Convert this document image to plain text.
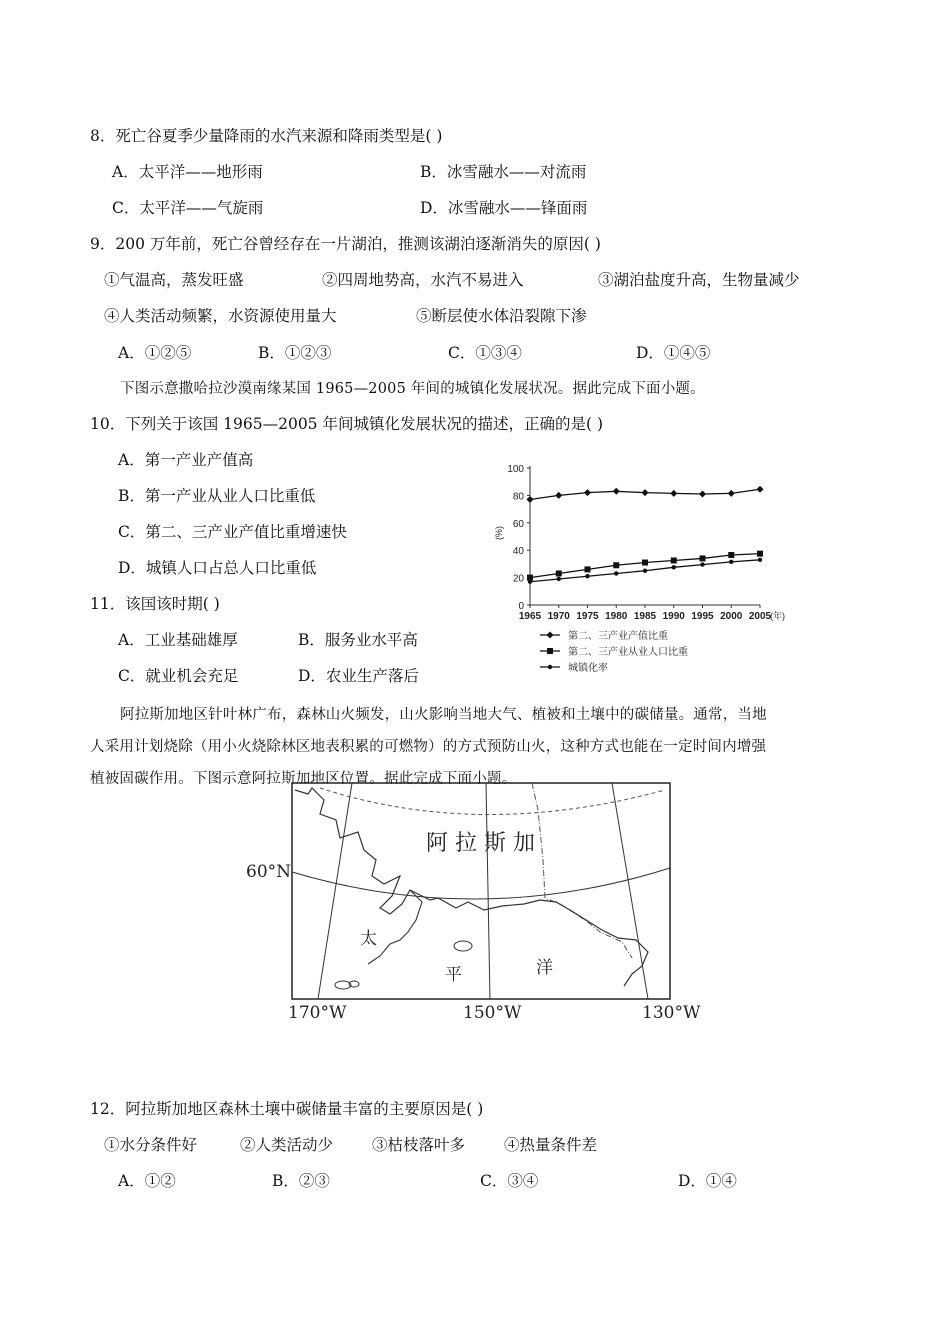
8．死亡谷夏季少量降雨的水汽来源和降雨类型是( )
A．太平洋——地形雨	B．冰雪融水——对流雨
C．太平洋——气旋雨	D．冰雪融水——锋面雨
9．200 万年前，死亡谷曾经存在一片湖泊，推测该湖泊逐渐消失的原因( )
①气温高，蒸发旺盛	②四周地势高，水汽不易进入	③湖泊盐度升高，生物量减少
④人类活动频繁，水资源使用量大	⑤断层使水体沿裂隙下渗
A．①②⑤	B．①②③	C．①③④	D．①④⑤
下图示意撒哈拉沙漠南缘某国 1965—2005 年间的城镇化发展状况。据此完成下面小题。
10．下列关于该国 1965—2005 年间城镇化发展状况的描述，正确的是( )
A．第一产业产值高
B．第一产业从业人口比重低
C．第二、三产业产值比重增速快
D．城镇人口占总人口比重低
11．该国该时期( )
A．工业基础雄厚	B．服务业水平高
C．就业机会充足	D．农业生产落后
0
20
40
60
80
100
1965 1970 1975 1980 1985 1990 1995 2000 2005
(年)
(%)
第二、三产业产值比重
第二、三产业从业人口比重
城镇化率
阿拉斯加地区针叶林广布，森林山火频发，山火影响当地大气、植被和土壤中的碳储量。通常，当地
人采用计划烧除（用小火烧除林区地表积累的可燃物）的方式预防山火，这种方式也能在一定时间内增强
植被固碳作用。下图示意阿拉斯加地区位置。据此完成下面小题。
阿 拉 斯 加
太
平	洋
60°N
170°W	150°W	130°W
12．阿拉斯加地区森林土壤中碳储量丰富的主要原因是( )
①水分条件好	②人类活动少	③枯枝落叶多	④热量条件差
A．①②	B．②③	C．③④	D．①④
